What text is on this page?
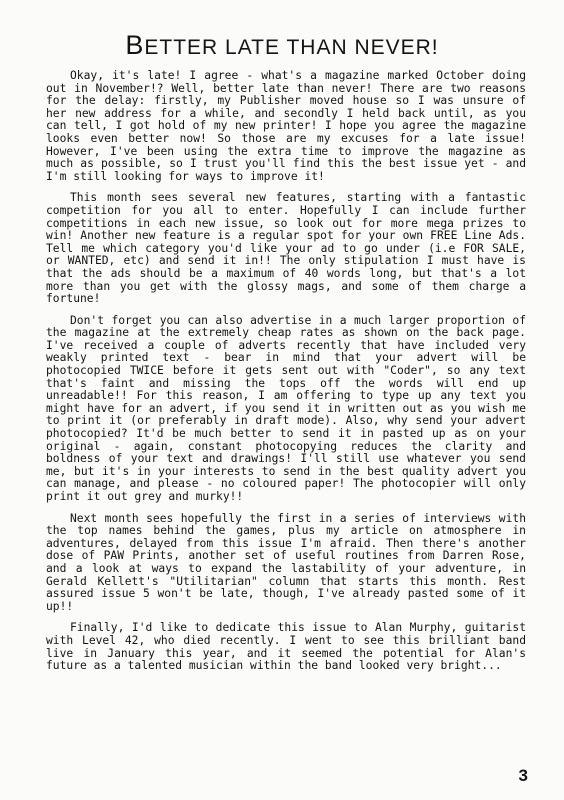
BETTER LATE THAN NEVER!

Okay, it's late! I agree - what's a magazine marked October doing out in November!? Well, better late than never! There are two reasons for the delay: firstly, my Publisher moved house so I was unsure of her new address for a while, and secondly I held back until, as you can tell, I got hold of my new printer! I hope you agree the magazine looks even better now! So those are my excuses for a late issue! However, I've been using the extra time to improve the magazine as much as possible, so I trust you'll find this the best issue yet - and I'm still looking for ways to improve it!

This month sees several new features, starting with a fantastic competition for you all to enter. Hopefully I can include further competitions in each new issue, so look out for more mega prizes to win! Another new feature is a regular spot for your own FREE Line Ads. Tell me which category you'd like your ad to go under (i.e FOR SALE, or WANTED, etc) and send it in!! The only stipulation I must have is that the ads should be a maximum of 40 words long, but that's a lot more than you get with the glossy mags, and some of them charge a fortune!

Don't forget you can also advertise in a much larger proportion of the magazine at the extremely cheap rates as shown on the back page. I've received a couple of adverts recently that have included very weakly printed text - bear in mind that your advert will be photocopied TWICE before it gets sent out with "Coder", so any text that's faint and missing the tops off the words will end up unreadable!! For this reason, I am offering to type up any text you might have for an advert, if you send it in written out as you wish me to print it (or preferably in draft mode). Also, why send your advert photocopied? It'd be much better to send it in pasted up as on your original - again, constant photocopying reduces the clarity and boldness of your text and drawings! I'll still use whatever you send me, but it's in your interests to send in the best quality advert you can manage, and please - no coloured paper! The photocopier will only print it out grey and murky!!

Next month sees hopefully the first in a series of interviews with the top names behind the games, plus my article on atmosphere in adventures, delayed from this issue I'm afraid. Then there's another dose of PAW Prints, another set of useful routines from Darren Rose, and a look at ways to expand the lastability of your adventure, in Gerald Kellett's "Utilitarian" column that starts this month. Rest assured issue 5 won't be late, though, I've already pasted some of it up!!

Finally, I'd like to dedicate this issue to Alan Murphy, guitarist with Level 42, who died recently. I went to see this brilliant band live in January this year, and it seemed the potential for Alan's future as a talented musician within the band looked very bright...

3
